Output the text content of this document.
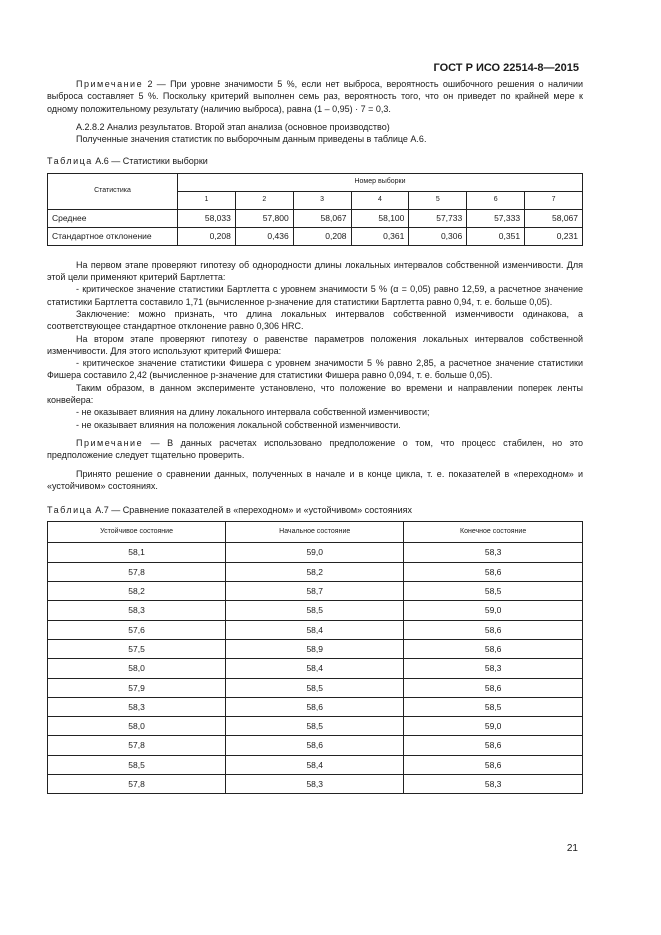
ГОСТ Р ИСО 22514-8—2015

Примечание 2 — При уровне значимости 5 %, если нет выброса, вероятность ошибочного решения о наличии выброса составляет 5 %. Поскольку критерий выполнен семь раз, вероятность того, что он приведет по крайней мере к одному положительному результату (наличию выброса), равна (1 – 0,95) · 7 = 0,3.

А.2.8.2 Анализ результатов. Второй этап анализа (основное производство)

Полученные значения статистик по выборочным данным приведены в таблице А.6.

Таблица А.6 — Статистики выборки

Статистика	Номер выборки						
	1	2	3	4	5	6	7
Среднее	58,033	57,800	58,067	58,100	57,733	57,333	58,067
Стандартное отклонение	0,208	0,436	0,208	0,361	0,306	0,351	0,231

На первом этапе проверяют гипотезу об однородности длины локальных интервалов собственной изменчивости. Для этой цели применяют критерий Бартлетта:

- критическое значение статистики Бартлетта с уровнем значимости 5 % (α = 0,05) равно 12,59, а расчетное значение статистики Бартлетта составило 1,71 (вычисленное p-значение для статистики Бартлетта равно 0,94, т. е. больше 0,05).

Заключение: можно признать, что длина локальных интервалов собственной изменчивости одинакова, а соответствующее стандартное отклонение равно 0,306 HRC.

На втором этапе проверяют гипотезу о равенстве параметров положения локальных интервалов собственной изменчивости. Для этого используют критерий Фишера:

- критическое значение статистики Фишера с уровнем значимости 5 % равно 2,85, а расчетное значение статистики Фишера составило 2,42 (вычисленное p-значение для статистики Фишера равно 0,094, т. е. больше 0,05).

Таким образом, в данном эксперименте установлено, что положение во времени и направлении поперек ленты конвейера:

- не оказывает влияния на длину локального интервала собственной изменчивости;

- не оказывает влияния на положения локальной собственной изменчивости.

Примечание — В данных расчетах использовано предположение о том, что процесс стабилен, но это предположение следует тщательно проверить.

Принято решение о сравнении данных, полученных в начале и в конце цикла, т. е. показателей в «переходном» и «устойчивом» состояниях.

Таблица А.7 — Сравнение показателей в «переходном» и «устойчивом» состояниях

Устойчивое состояние	Начальное состояние	Конечное состояние
58,1	59,0	58,3
57,8	58,2	58,6
58,2	58,7	58,5
58,3	58,5	59,0
57,6	58,4	58,6
57,5	58,9	58,6
58,0	58,4	58,3
57,9	58,5	58,6
58,3	58,6	58,5
58,0	58,5	59,0
57,8	58,6	58,6
58,5	58,4	58,6
57,8	58,3	58,3
21
